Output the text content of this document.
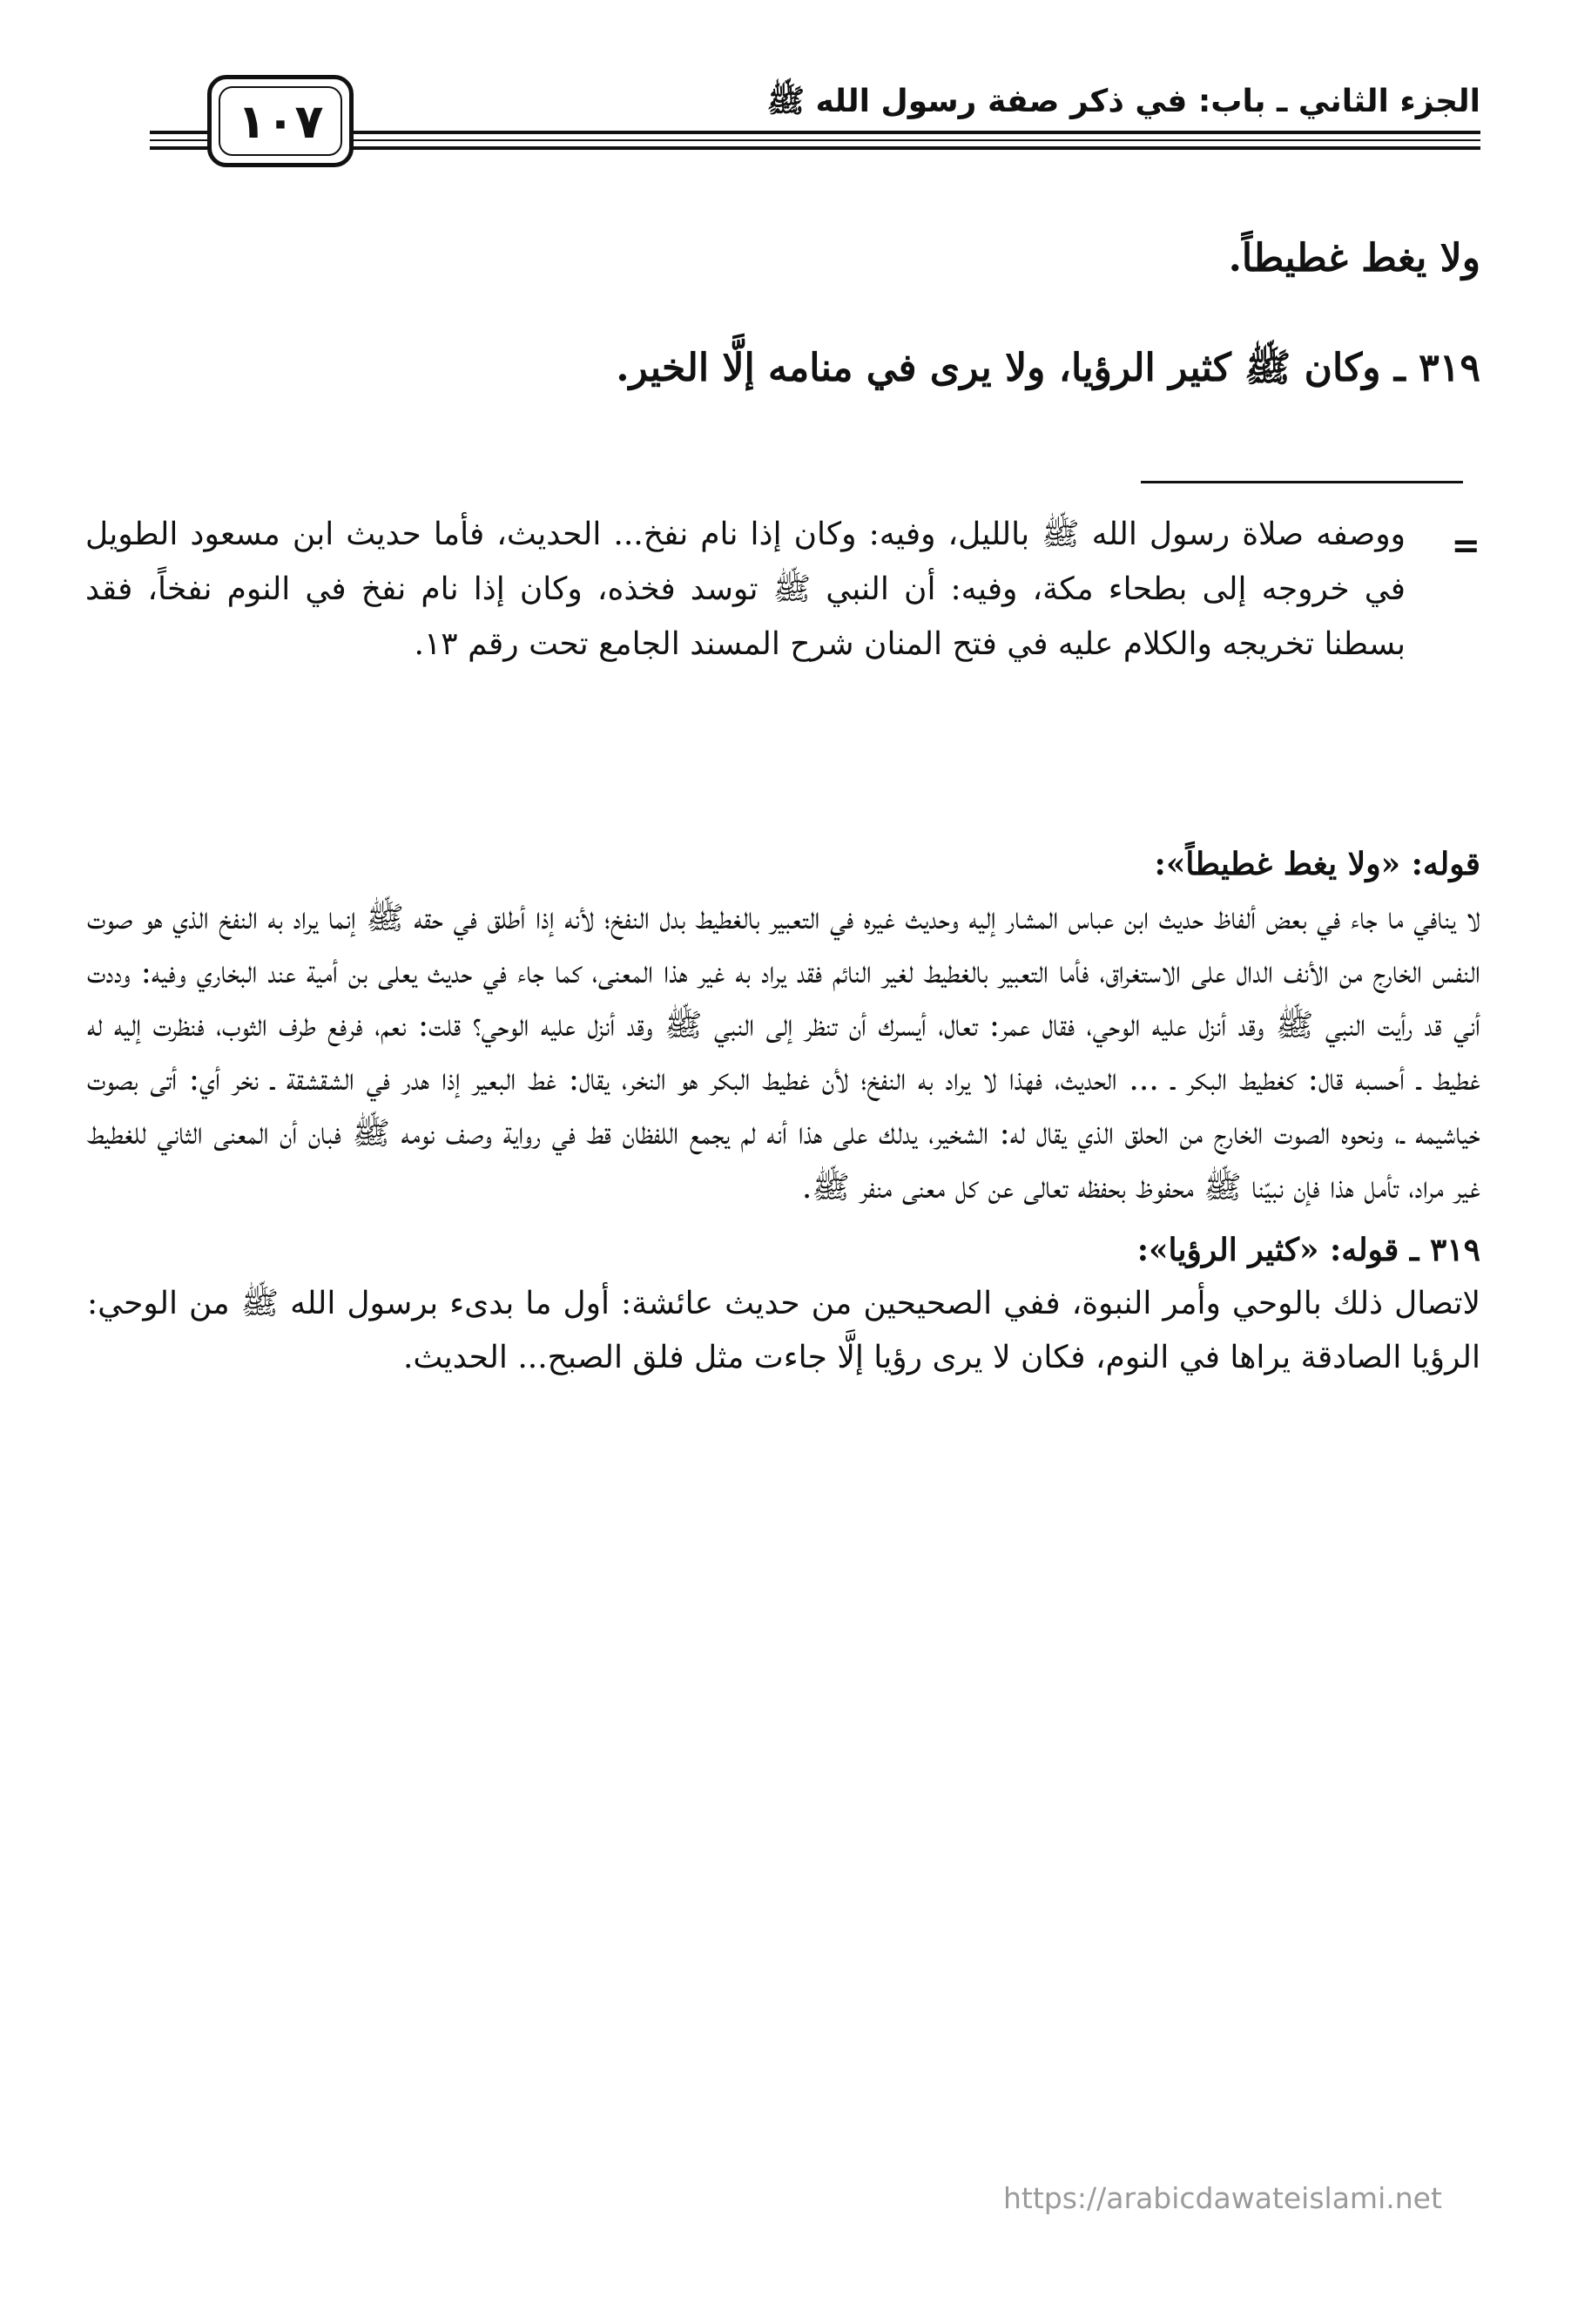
الجزء الثاني ـ باب: في ذكر صفة رسول الله ﷺ
١٠٧
ولا يغط غطيطاً.
٣١٩ ـ وكان ﷺ كثير الرؤيا، ولا يرى في منامه إلَّا الخير.
=
ووصفه صلاة رسول الله ﷺ بالليل، وفيه: وكان إذا نام نفخ... الحديث، فأما حديث ابن مسعود الطويل في خروجه إلى بطحاء مكة، وفيه: أن النبي ﷺ توسد فخذه، وكان إذا نام نفخ في النوم نفخاً، فقد بسطنا تخريجه والكلام عليه في فتح المنان شرح المسند الجامع تحت رقم ١٣.
قوله: «ولا يغط غطيطاً»:
لا ينافي ما جاء في بعض ألفاظ حديث ابن عباس المشار إليه وحديث غيره في التعبير بالغطيط بدل النفخ؛ لأنه إذا أطلق في حقه ﷺ إنما يراد به النفخ الذي هو صوت النفس الخارج من الأنف الدال على الاستغراق، فأما التعبير بالغطيط لغير النائم فقد يراد به غير هذا المعنى، كما جاء في حديث يعلى بن أمية عند البخاري وفيه: وددت أني قد رأيت النبي ﷺ وقد أنزل عليه الوحي، فقال عمر: تعال، أيسرك أن تنظر إلى النبي ﷺ وقد أنزل عليه الوحي؟ قلت: نعم، فرفع طرف الثوب، فنظرت إليه له غطيط ـ أحسبه قال: كغطيط البكر ـ ... الحديث، فهذا لا يراد به النفخ؛ لأن غطيط البكر هو النخر، يقال: غط البعير إذا هدر في الشقشقة ـ نخر أي: أتى بصوت خياشيمه ـ، ونحوه الصوت الخارج من الحلق الذي يقال له: الشخير، يدلك على هذا أنه لم يجمع اللفظان قط في رواية وصف نومه ﷺ فبان أن المعنى الثاني للغطيط غير مراد، تأمل هذا فإن نبيّنا ﷺ محفوظ بحفظه تعالى عن كل معنى منفر ﷺ.
٣١٩ ـ قوله: «كثير الرؤيا»:
لاتصال ذلك بالوحي وأمر النبوة، ففي الصحيحين من حديث عائشة: أول ما بدىء برسول الله ﷺ من الوحي: الرؤيا الصادقة يراها في النوم، فكان لا يرى رؤيا إلَّا جاءت مثل فلق الصبح... الحديث.
https://arabicdawateislami.net
